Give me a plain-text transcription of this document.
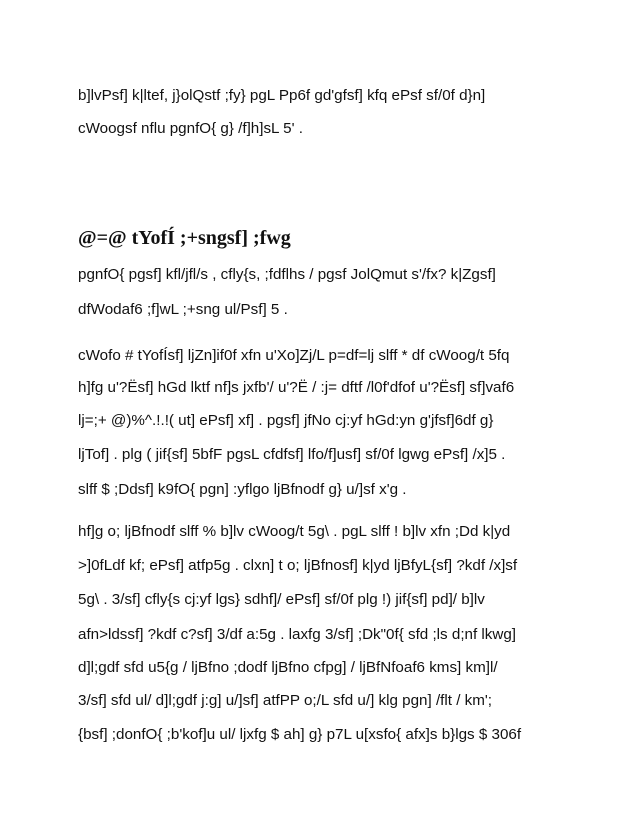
b]lvPsf] k|ltef, j}olQstf ;fy} pgL Pp6f gd'gfsf] kfq ePsf sf/0f d}n]
cWoogsf nflu pgnfO{ g} /f]h]sL 5' .
@=@ tYofÍ ;+sngsf] ;fwg
pgnfO{ pgsf] kfl/jfl/s , cfly{s, ;fdflhs / pgsf JolQmut s'/fx? k|Zgsf]
dfWodaf6 ;f]wL ;+sng ul/Psf] 5 .
cWofo # tYofÍsf] ljZn]if0f xfn u'Xo]Zj/L p=df=lj slff * df cWoog/t 5fq
h]fg u'?Ësf] hGd lktf nf]s jxfb'/ u'?Ë / :j= dftf /l0f'dfof u'?Ësf] sf]vaf6
lj=;+ @)%^.!.!( ut] ePsf] xf] . pgsf] jfNo cj:yf hGd:yn g'jfsf]6df g}
ljTof] . plg ( jif{sf] 5bfF pgsL cfdfsf] lfo/f]usf] sf/0f lgwg ePsf] /x]5 .
slff $ ;Ddsf] k9fO{ pgn] :yflgo ljBfnodf g} u/]sf x'g .
hf]g o; ljBfnodf slff % b]lv cWoog/t 5g\ . pgL slff ! b]lv xfn ;Dd k|yd
>]0fLdf kf; ePsf] atfp5g . clxn] t o; ljBfnosf] k|yd ljBfyL{sf] ?kdf /x]sf
5g\ . 3/sf] cfly{s cj:yf lgs} sdhf]/ ePsf] sf/0f plg !) jif{sf] pd]/ b]lv
afn>ldssf] ?kdf c?sf] 3/df a:5g . laxfg 3/sf] ;Dk"0f{ sfd ;ls d;nf lkwg]
d]l;gdf sfd u5{g / ljBfno ;dodf ljBfno cfpg] / ljBfNfoaf6 kms] km]l/
3/sf] sfd ul/ d]l;gdf j:g] u/]sf] atfPP o;/L sfd u/] klg pgn] /flt / km';
{bsf] ;donfO{ ;b'kof]u ul/ ljxfg $ ah] g} p7L u[xsfo{ afx]s b}lgs $ 306f
